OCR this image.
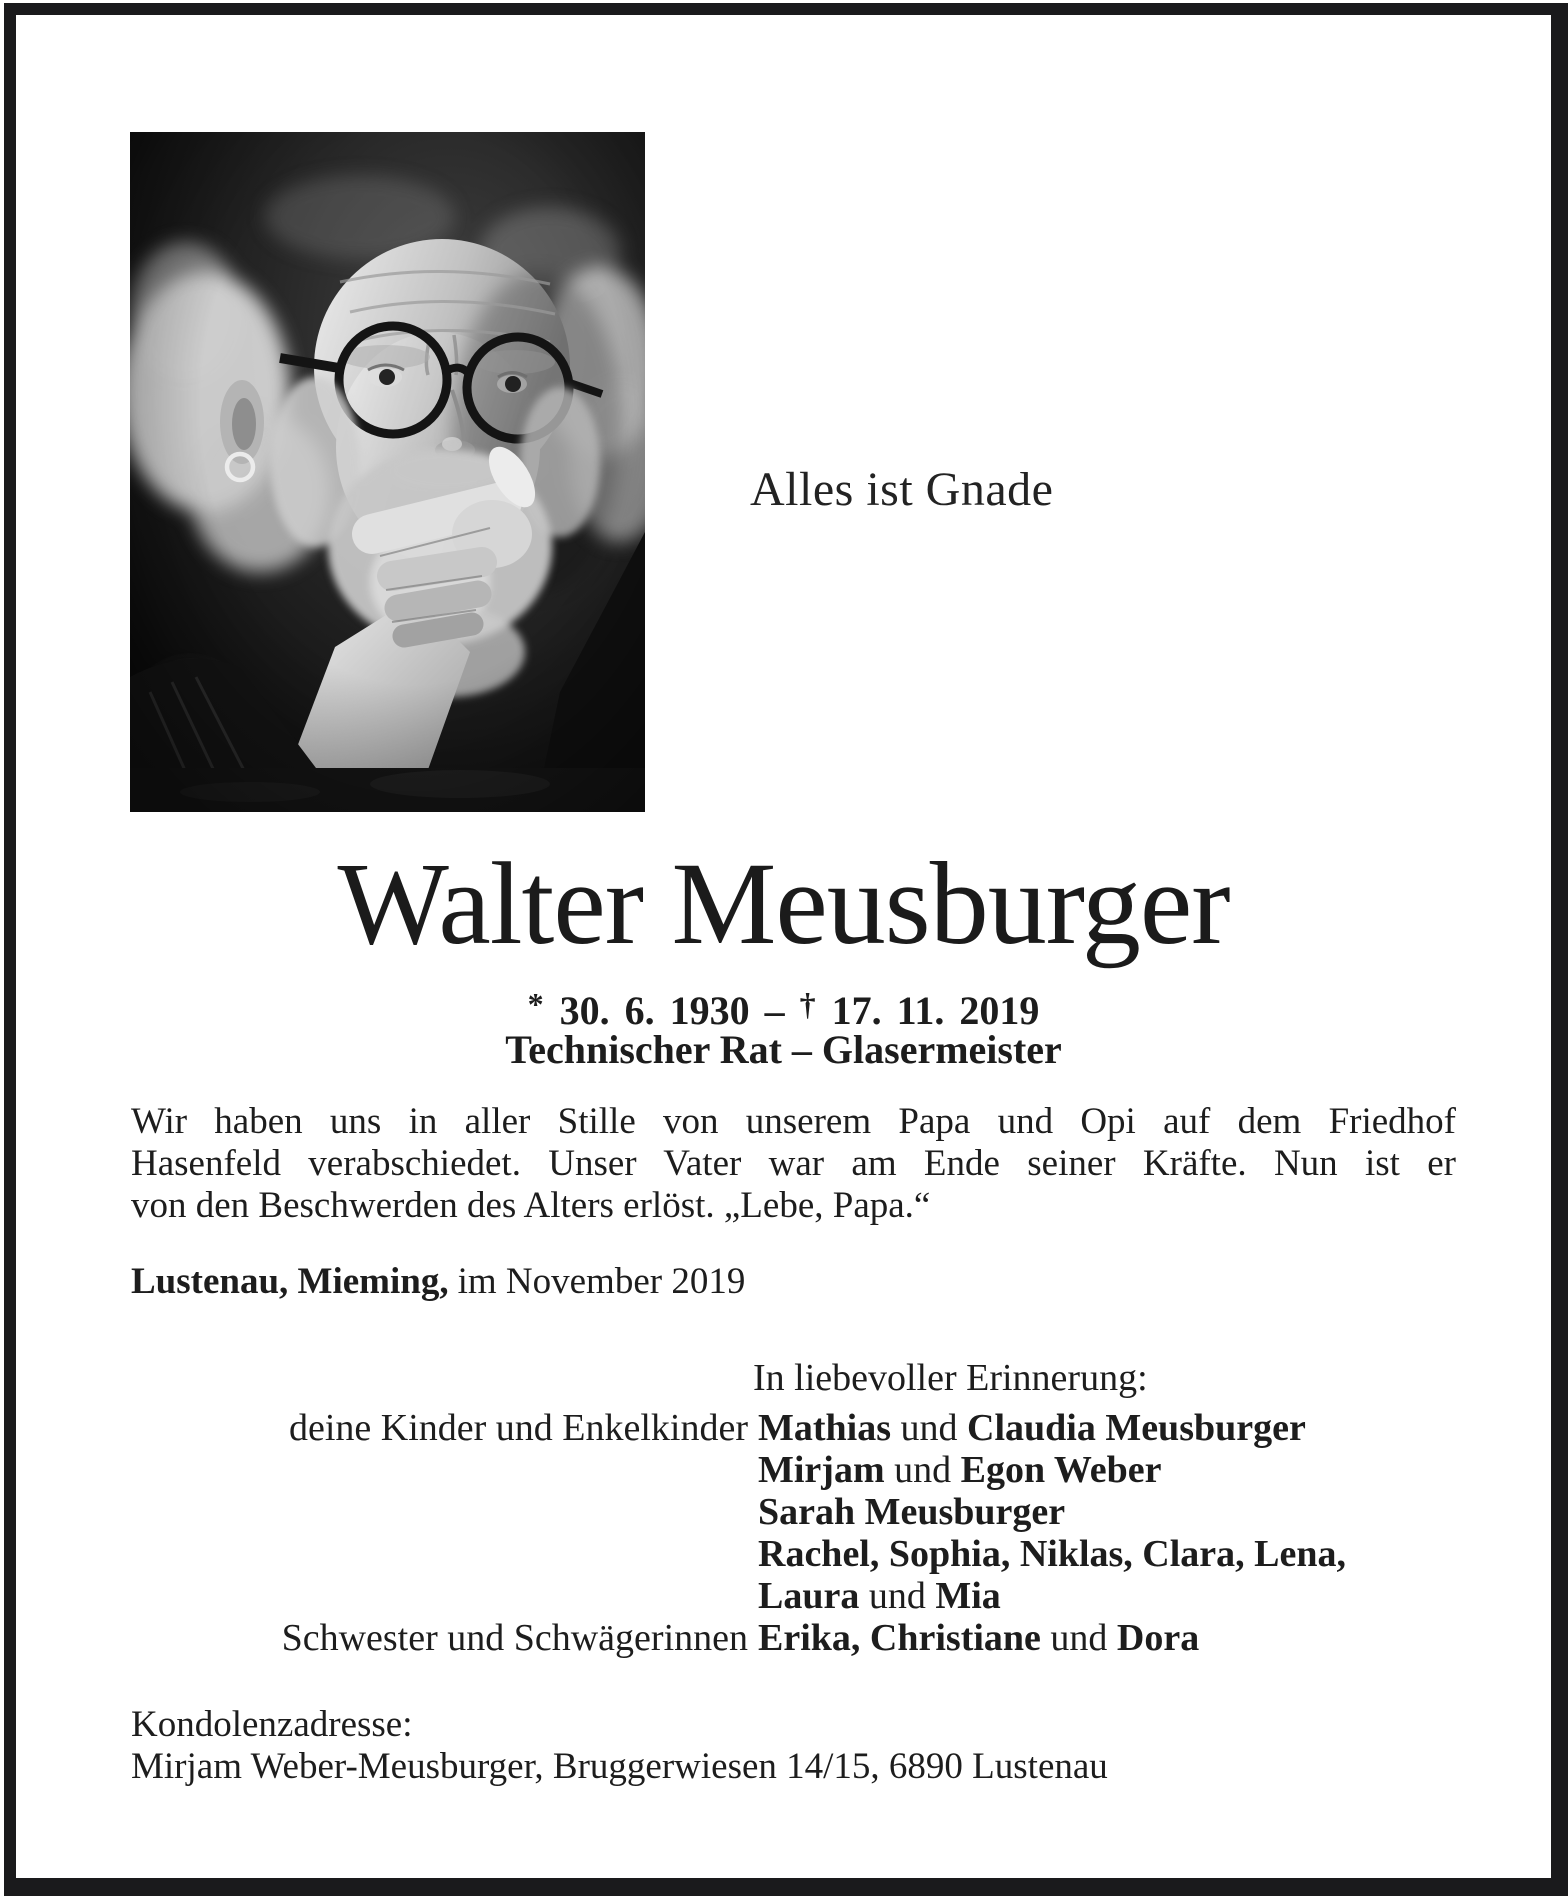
Alles ist Gnade
Walter Meusburger
* 30. 6. 1930 – † 17. 11. 2019
Technischer Rat – Glasermeister
Wir haben uns in aller Stille von unserem Papa und Opi auf dem Friedhof
Hasenfeld verabschiedet. Unser Vater war am Ende seiner Kräfte. Nun ist er
von den Beschwerden des Alters erlöst. „Lebe, Papa.“
Lustenau, Mieming, im November 2019
In liebevoller Erinnerung:
deine Kinder und Enkelkinder Mathias und Claudia Meusburger
Mirjam und Egon Weber
Sarah Meusburger
Rachel, Sophia, Niklas, Clara, Lena,
Laura und Mia
Schwester und Schwägerinnen Erika, Christiane und Dora
Kondolenzadresse:
Mirjam Weber-Meusburger, Bruggerwiesen 14/15, 6890 Lustenau
